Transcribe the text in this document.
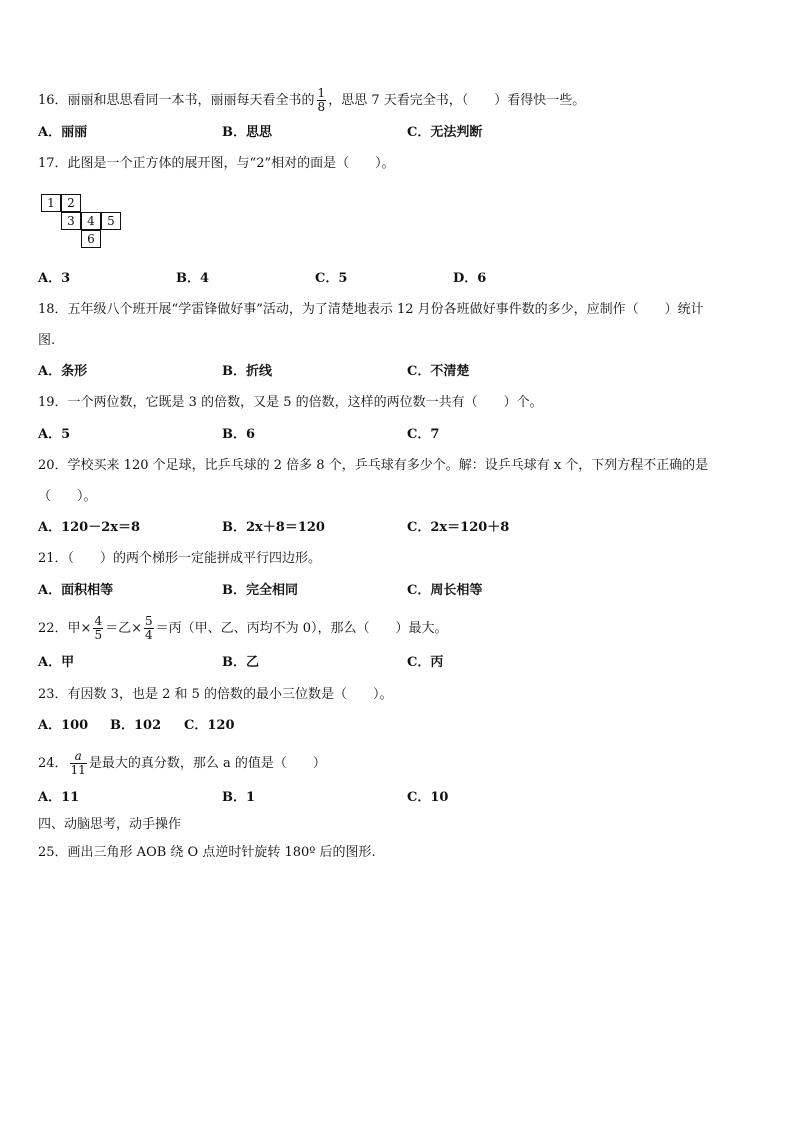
16．丽丽和思思看同一本书，丽丽每天看全书的 $\frac{1}{8}$ ，思思 7 天看完全书，（　　）看得快一些。
A．丽丽	B．思思	C．无法判断
17．此图是一个正方体的展开图，与“2”相对的面是（　　）。
1	2
3	4	5
6
A．3	B．4	C．5	D．6
18．五年级八个班开展“学雷锋做好事”活动，为了清楚地表示 12 月份各班做好事件数的多少，应制作（　　）统计
图.
A．条形	B．折线	C．不清楚
19．一个两位数，它既是 3 的倍数，又是 5 的倍数，这样的两位数一共有（　　）个。
A．5	B．6	C．7
20．学校买来 120 个足球，比乒乓球的 2 倍多 8 个，乒乓球有多少个。解：设乒乓球有 x 个，下列方程不正确的是
（　　）。
A．120－2x＝8	B．2x＋8＝120	C．2x＝120＋8
21．（　　）的两个梯形一定能拼成平行四边形。
A．面积相等	B．完全相同	C．周长相等
22．甲× $\frac{4}{5}$ ＝乙× $\frac{5}{4}$ ＝丙（甲、乙、丙均不为 0），那么（　　）最大。
A．甲	B．乙	C．丙
23．有因数 3，也是 2 和 5 的倍数的最小三位数是（　　）。
A．100 B．102 C．120
24． $\frac{a}{11}$ 是最大的真分数，那么 a 的值是（　　）
A．11	B．1	C．10
四、动脑思考，动手操作
25．画出三角形 AOB 绕 O 点逆时针旋转 180º 后的图形.
